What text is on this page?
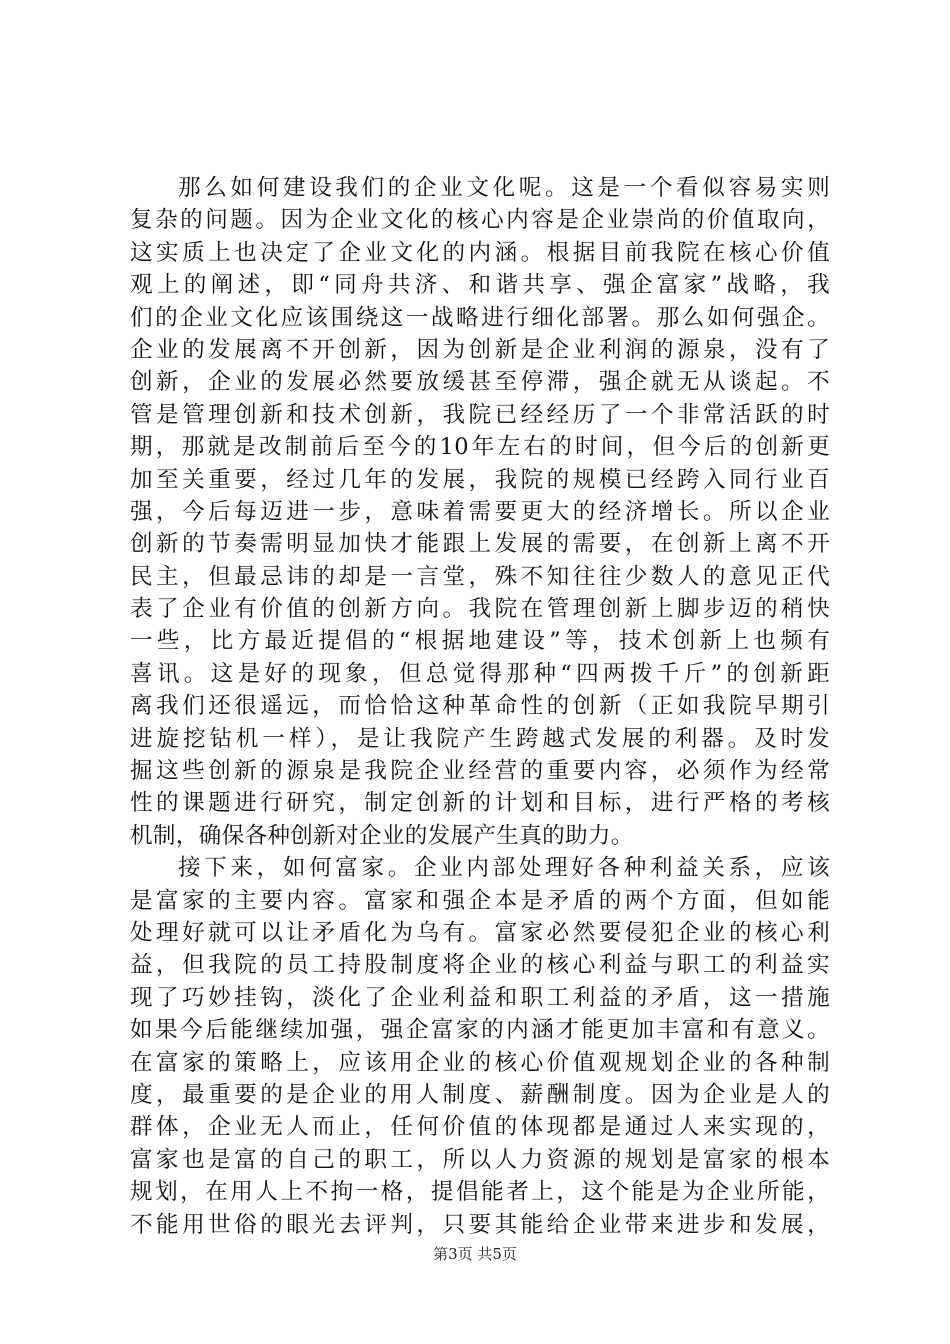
那么如何建设我们的企业文化呢。这是一个看似容易实则
复杂的问题。因为企业文化的核心内容是企业崇尚的价值取向，
这实质上也决定了企业文化的内涵。根据目前我院在核心价值
观上的阐述，即“同舟共济、和谐共享、强企富家”战略，我
们的企业文化应该围绕这一战略进行细化部署。那么如何强企。
企业的发展离不开创新，因为创新是企业利润的源泉，没有了
创新，企业的发展必然要放缓甚至停滞，强企就无从谈起。不
管是管理创新和技术创新，我院已经经历了一个非常活跃的时
期，那就是改制前后至今的10年左右的时间，但今后的创新更
加至关重要，经过几年的发展，我院的规模已经跨入同行业百
强，今后每迈进一步，意味着需要更大的经济增长。所以企业
创新的节奏需明显加快才能跟上发展的需要，在创新上离不开
民主，但最忌讳的却是一言堂，殊不知往往少数人的意见正代
表了企业有价值的创新方向。我院在管理创新上脚步迈的稍快
一些，比方最近提倡的“根据地建设”等，技术创新上也频有
喜讯。这是好的现象，但总觉得那种“四两拨千斤”的创新距
离我们还很遥远，而恰恰这种革命性的创新（正如我院早期引
进旋挖钻机一样），是让我院产生跨越式发展的利器。及时发
掘这些创新的源泉是我院企业经营的重要内容，必须作为经常
性的课题进行研究，制定创新的计划和目标，进行严格的考核
机制，确保各种创新对企业的发展产生真的助力。
接下来，如何富家。企业内部处理好各种利益关系，应该
是富家的主要内容。富家和强企本是矛盾的两个方面，但如能
处理好就可以让矛盾化为乌有。富家必然要侵犯企业的核心利
益，但我院的员工持股制度将企业的核心利益与职工的利益实
现了巧妙挂钩，淡化了企业利益和职工利益的矛盾，这一措施
如果今后能继续加强，强企富家的内涵才能更加丰富和有意义。
在富家的策略上，应该用企业的核心价值观规划企业的各种制
度，最重要的是企业的用人制度、薪酬制度。因为企业是人的
群体，企业无人而止，任何价值的体现都是通过人来实现的，
富家也是富的自己的职工，所以人力资源的规划是富家的根本
规划，在用人上不拘一格，提倡能者上，这个能是为企业所能，
不能用世俗的眼光去评判，只要其能给企业带来进步和发展，
第3页 共5页
